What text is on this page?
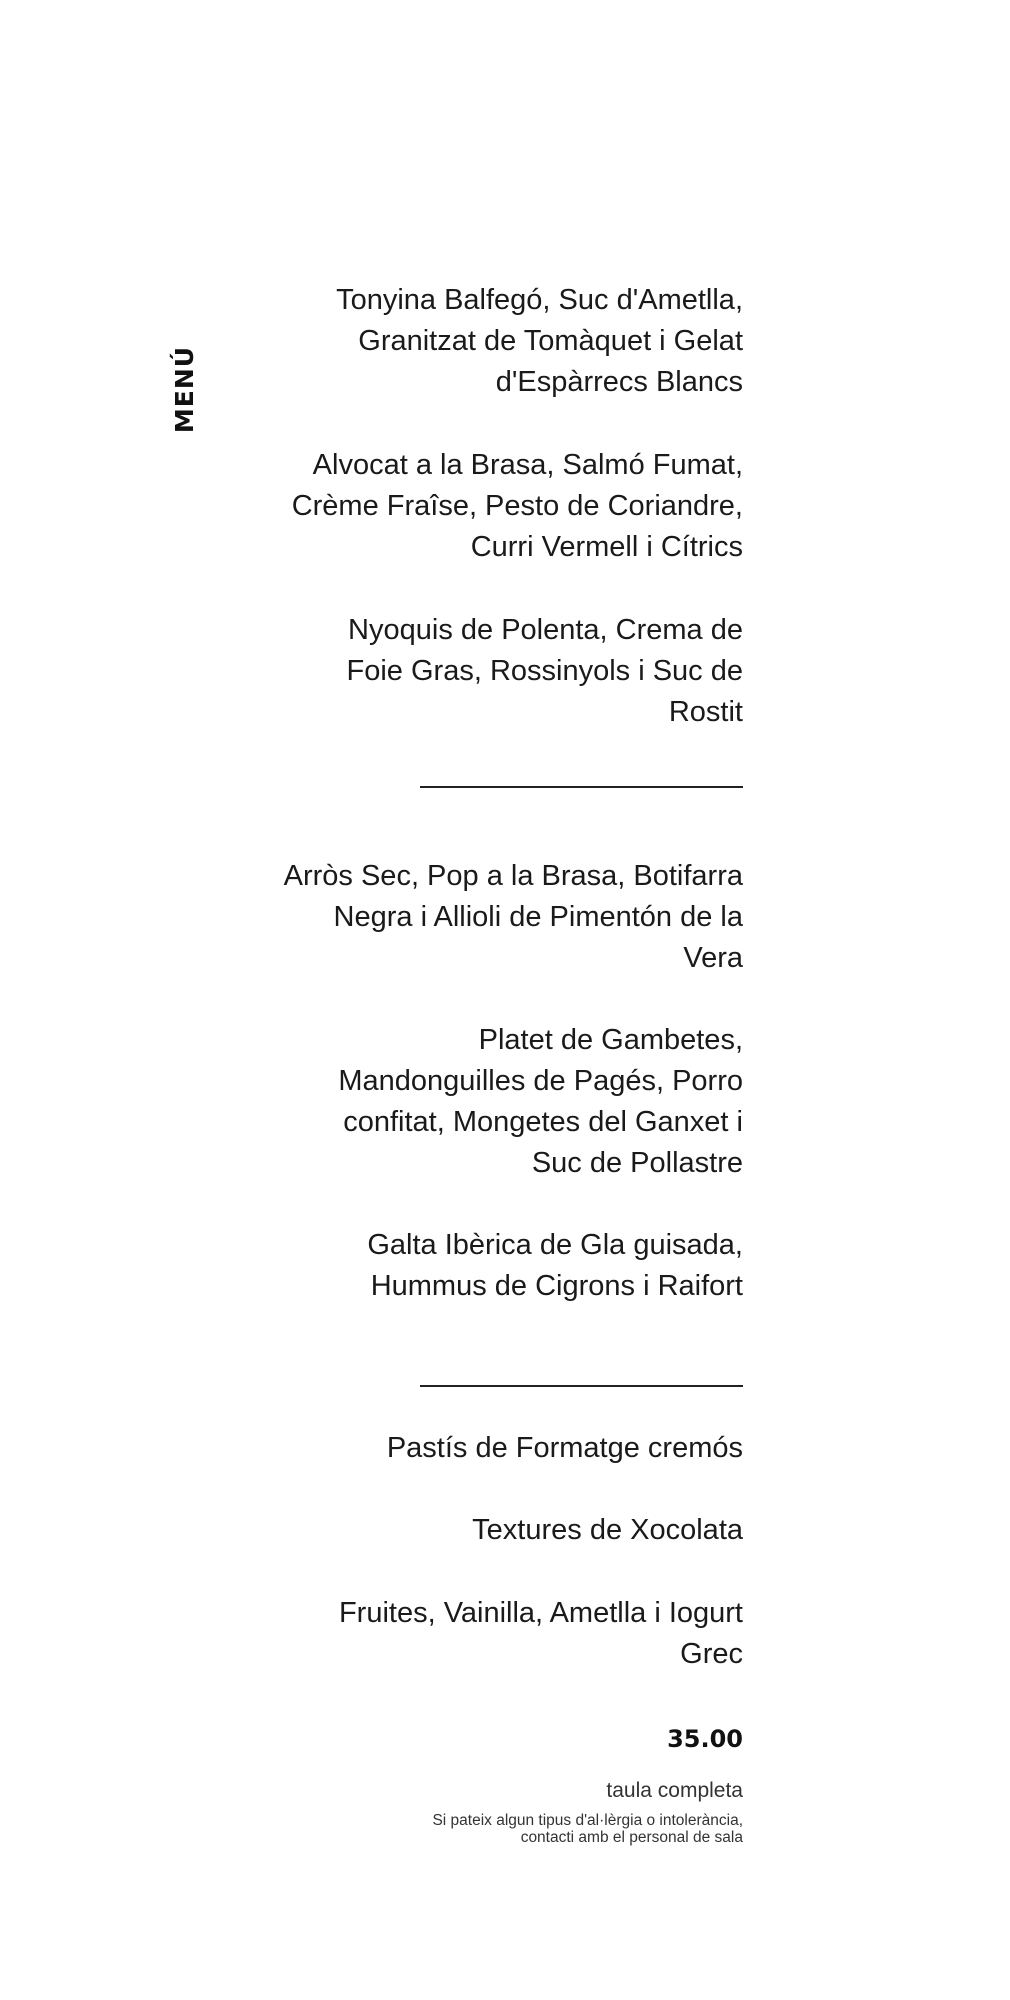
MENÚ
Tonyina Balfegó, Suc d'Ametlla,
Granitzat de Tomàquet i Gelat
d'Espàrrecs Blancs
Alvocat a la Brasa, Salmó Fumat,
Crème Fraîse, Pesto de Coriandre,
Curri Vermell i Cítrics
Nyoquis de Polenta, Crema de
Foie Gras, Rossinyols i Suc de
Rostit
Arròs Sec, Pop a la Brasa, Botifarra
Negra i Allioli de Pimentón de la
Vera
Platet de Gambetes,
Mandonguilles de Pagés, Porro
confitat, Mongetes del Ganxet i
Suc de Pollastre
Galta Ibèrica de Gla guisada,
Hummus de Cigrons i Raifort
Pastís de Formatge cremós
Textures de Xocolata
Fruites, Vainilla, Ametlla i Iogurt
Grec
35.00
taula completa
Si pateix algun tipus d'al·lèrgia o intolerància,
contacti amb el personal de sala
